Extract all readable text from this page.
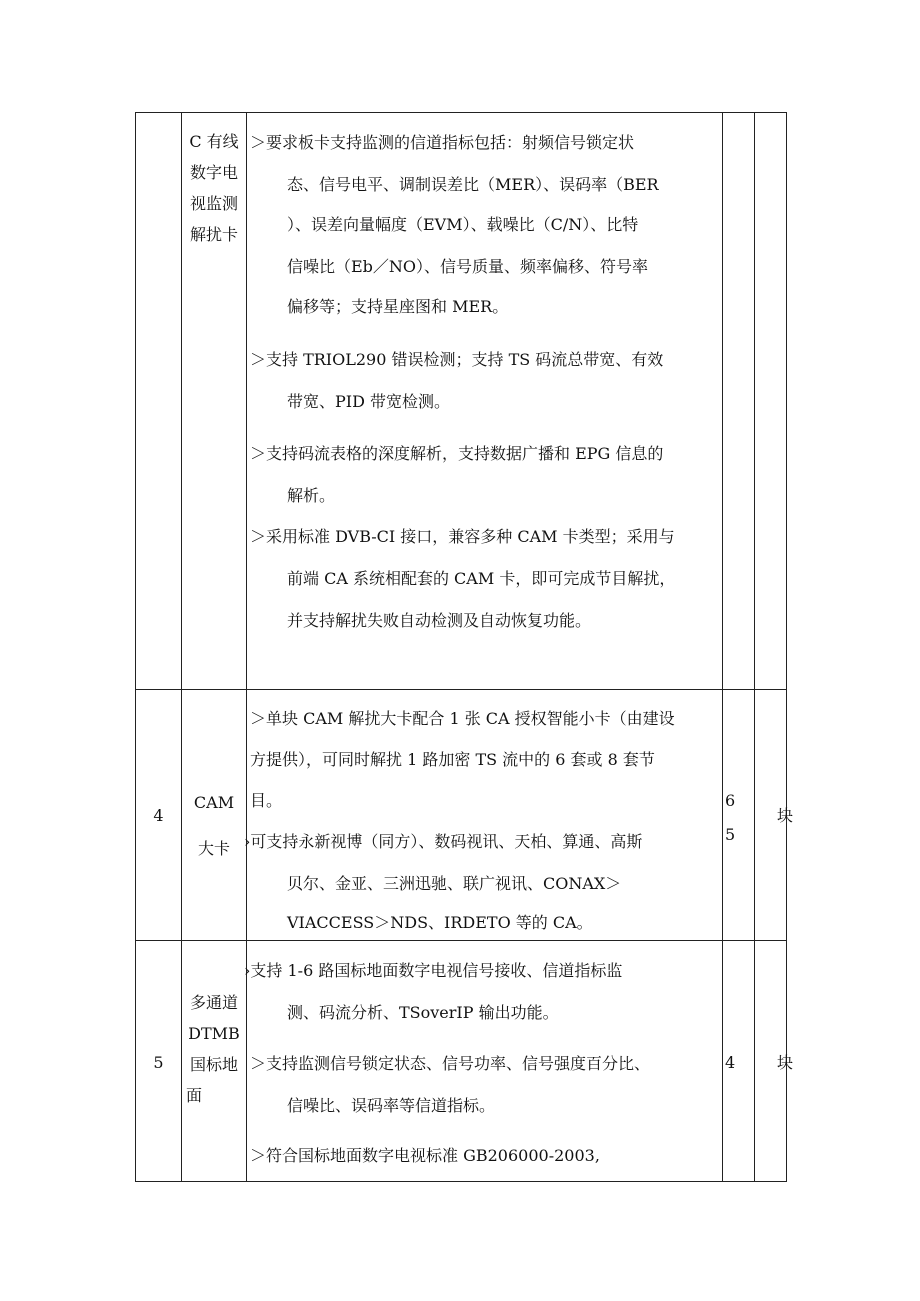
C 有线
数字电
视监测
解扰卡
＞要求板卡支持监测的信道指标包括：射频信号锁定状
态、信号电平、调制误差比（MER）、误码率（BER
）、误差向量幅度（EVM）、载噪比（C/N）、比特
信噪比（Eb／NO）、信号质量、频率偏移、符号率
偏移等；支持星座图和 MER。
＞支持 TRIOL290 错误检测；支持 TS 码流总带宽、有效
带宽、PID 带宽检测。
＞支持码流表格的深度解析，支持数据广播和 EPG 信息的
解析。
＞采用标准 DVB-CI 接口，兼容多种 CAM 卡类型；采用与
前端 CA 系统相配套的 CAM 卡，即可完成节目解扰，
并支持解扰失败自动检测及自动恢复功能。
4
CAM
大卡
＞单块 CAM 解扰大卡配合 1 张 CA 授权智能小卡（由建设
方提供），可同时解扰 1 路加密 TS 流中的 6 套或 8 套节
目。
›可支持永新视博（同方）、数码视讯、天柏、算通、高斯
贝尔、金亚、三洲迅驰、联广视讯、CONAX＞
VIACCESS＞NDS、IRDETO 等的 CA。
6
5
块
5
多通道
DTMB
国标地
面
›支持 1-6 路国标地面数字电视信号接收、信道指标监
测、码流分析、TSoverIP 输出功能。
＞支持监测信号锁定状态、信号功率、信号强度百分比、
信噪比、误码率等信道指标。
＞符合国标地面数字电视标准 GB206000-2003,
4	块
